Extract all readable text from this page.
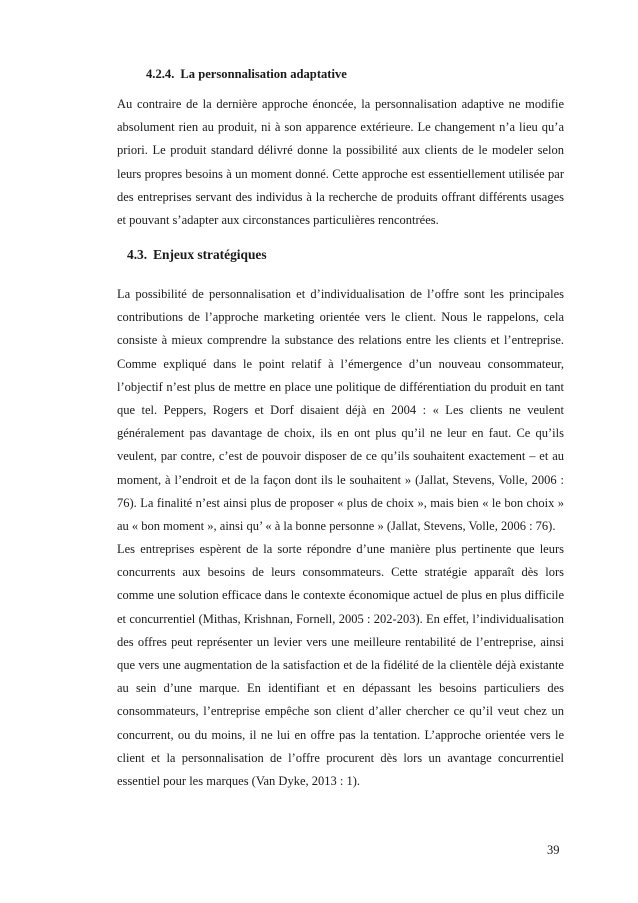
4.2.4. La personnalisation adaptative

Au contraire de la dernière approche énoncée, la personnalisation adaptive ne modifie absolument rien au produit, ni à son apparence extérieure. Le changement n’a lieu qu’a priori. Le produit standard délivré donne la possibilité aux clients de le modeler selon leurs propres besoins à un moment donné. Cette approche est essentiellement utilisée par des entreprises servant des individus à la recherche de produits offrant différents usages et pouvant s’adapter aux circonstances particulières rencontrées.

4.3. Enjeux stratégiques

La possibilité de personnalisation et d’individualisation de l’offre sont les principales contributions de l’approche marketing orientée vers le client. Nous le rappelons, cela consiste à mieux comprendre la substance des relations entre les clients et l’entreprise. Comme expliqué dans le point relatif à l’émergence d’un nouveau consommateur, l’objectif n’est plus de mettre en place une politique de différentiation du produit en tant que tel. Peppers, Rogers et Dorf disaient déjà en 2004 : « Les clients ne veulent généralement pas davantage de choix, ils en ont plus qu’il ne leur en faut. Ce qu’ils veulent, par contre, c’est de pouvoir disposer de ce qu’ils souhaitent exactement – et au moment, à l’endroit et de la façon dont ils le souhaitent » (Jallat, Stevens, Volle, 2006 : 76). La finalité n’est ainsi plus de proposer « plus de choix », mais bien « le bon choix » au « bon moment », ainsi qu’ « à la bonne personne » (Jallat, Stevens, Volle, 2006 : 76).

Les entreprises espèrent de la sorte répondre d’une manière plus pertinente que leurs concurrents aux besoins de leurs consommateurs. Cette stratégie apparaît dès lors comme une solution efficace dans le contexte économique actuel de plus en plus difficile et concurrentiel (Mithas, Krishnan, Fornell, 2005 : 202-203). En effet, l’individualisation des offres peut représenter un levier vers une meilleure rentabilité de l’entreprise, ainsi que vers une augmentation de la satisfaction et de la fidélité de la clientèle déjà existante au sein d’une marque. En identifiant et en dépassant les besoins particuliers des consommateurs, l’entreprise empêche son client d’aller chercher ce qu’il veut chez un concurrent, ou du moins, il ne lui en offre pas la tentation. L’approche orientée vers le client et la personnalisation de l’offre procurent dès lors un avantage concurrentiel essentiel pour les marques (Van Dyke, 2013 : 1).

39
